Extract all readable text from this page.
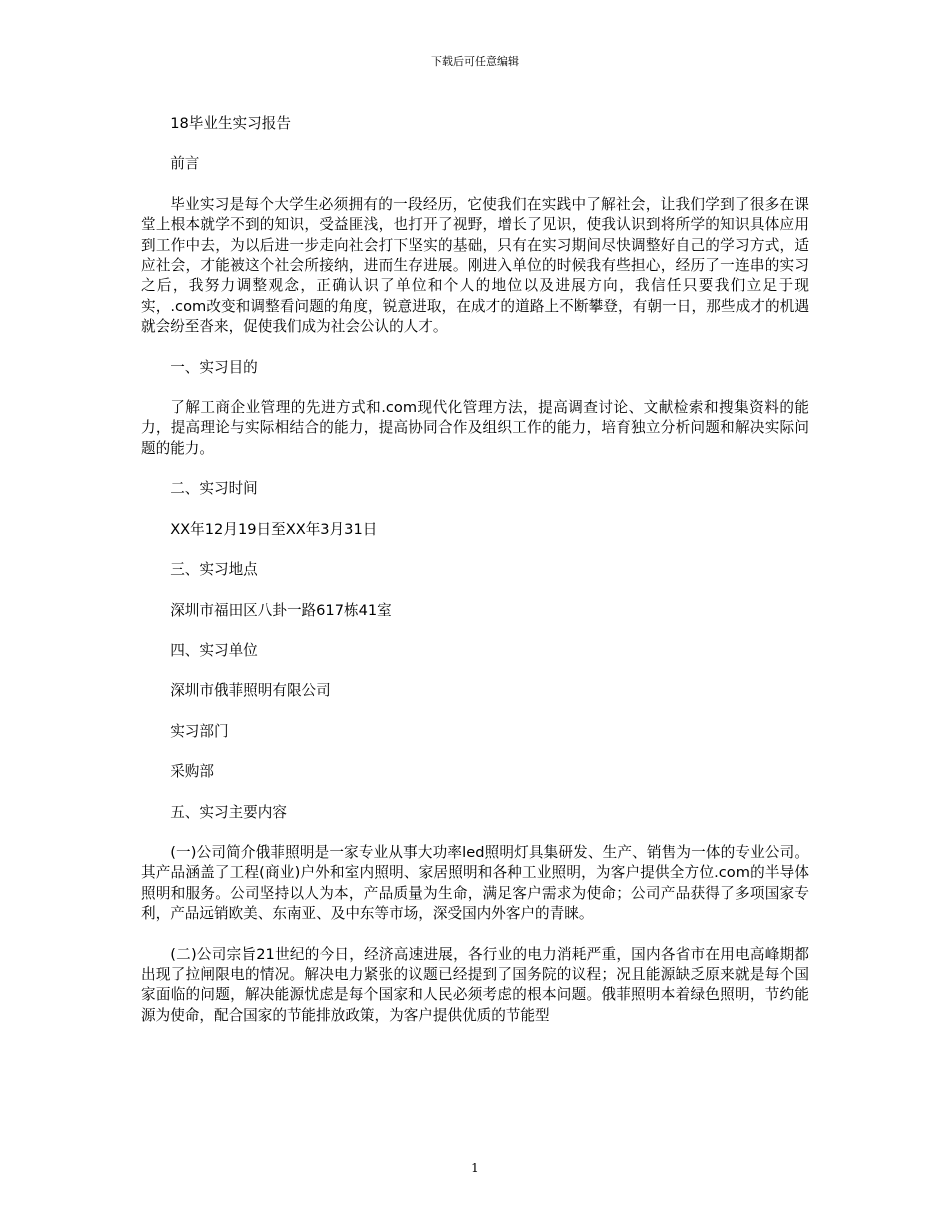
下载后可任意编辑

18毕业生实习报告

前言

毕业实习是每个大学生必须拥有的一段经历，它使我们在实践中了解社会，让我们学到了很多在课堂上根本就学不到的知识，受益匪浅，也打开了视野，增长了见识，使我认识到将所学的知识具体应用到工作中去，为以后进一步走向社会打下坚实的基础，只有在实习期间尽快调整好自己的学习方式，适应社会，才能被这个社会所接纳，进而生存进展。刚进入单位的时候我有些担心，经历了一连串的实习之后，我努力调整观念，正确认识了单位和个人的地位以及进展方向，我信任只要我们立足于现实，.com改变和调整看问题的角度，锐意进取，在成才的道路上不断攀登，有朝一日，那些成才的机遇就会纷至沓来，促使我们成为社会公认的人才。

一、实习目的

了解工商企业管理的先进方式和.com现代化管理方法，提高调查讨论、文献检索和搜集资料的能力，提高理论与实际相结合的能力，提高协同合作及组织工作的能力，培育独立分析问题和解决实际问题的能力。

二、实习时间

XX年12月19日至XX年3月31日

三、实习地点

深圳市福田区八卦一路617栋41室

四、实习单位

深圳市俄菲照明有限公司

实习部门

采购部

五、实习主要内容

(一)公司简介俄菲照明是一家专业从事大功率led照明灯具集研发、生产、销售为一体的专业公司。其产品涵盖了工程(商业)户外和室内照明、家居照明和各种工业照明，为客户提供全方位.com的半导体照明和服务。公司坚持以人为本，产品质量为生命，满足客户需求为使命；公司产品获得了多项国家专利，产品远销欧美、东南亚、及中东等市场，深受国内外客户的青睐。

(二)公司宗旨21世纪的今日，经济高速进展，各行业的电力消耗严重，国内各省市在用电高峰期都出现了拉闸限电的情况。解决电力紧张的议题已经提到了国务院的议程；况且能源缺乏原来就是每个国家面临的问题，解决能源忧虑是每个国家和人民必须考虑的根本问题。俄菲照明本着绿色照明，节约能源为使命，配合国家的节能排放政策，为客户提供优质的节能型

1
